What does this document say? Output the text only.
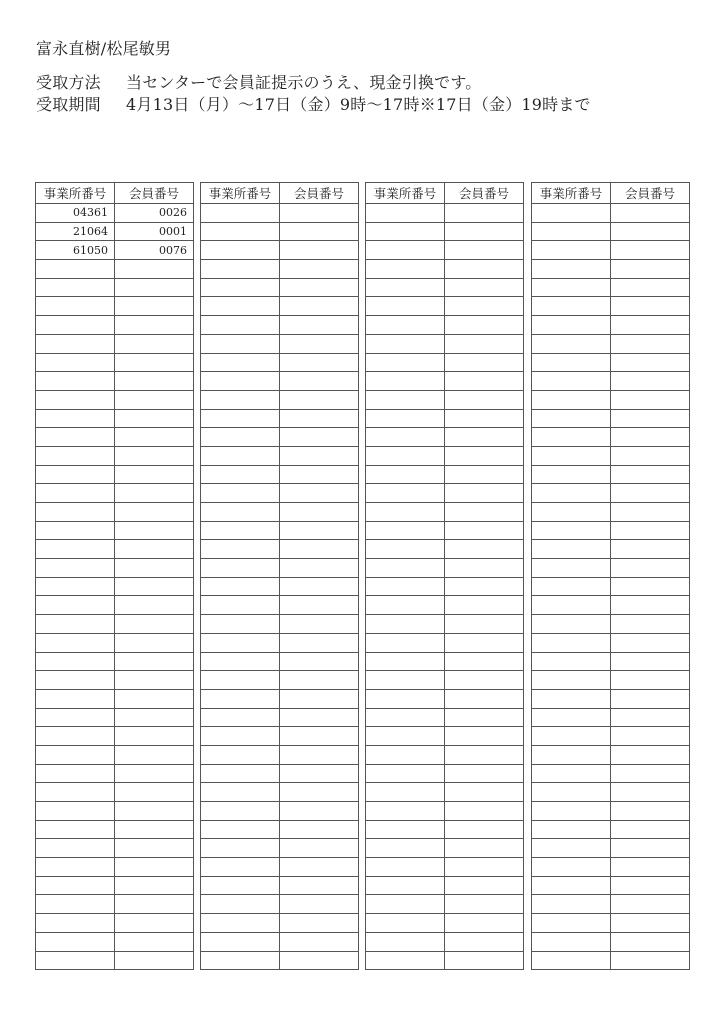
富永直樹/松尾敏男
受取方法 当センターで会員証提示のうえ、現金引換です。
受取期間 4月13日（月）～17日（金）9時～17時※17日（金）19時まで
事業所番号	会員番号
04361	0026
21064	0001
61050	0076

事業所番号	会員番号

	事業所番号	会員番号

	事業所番号	会員番号
